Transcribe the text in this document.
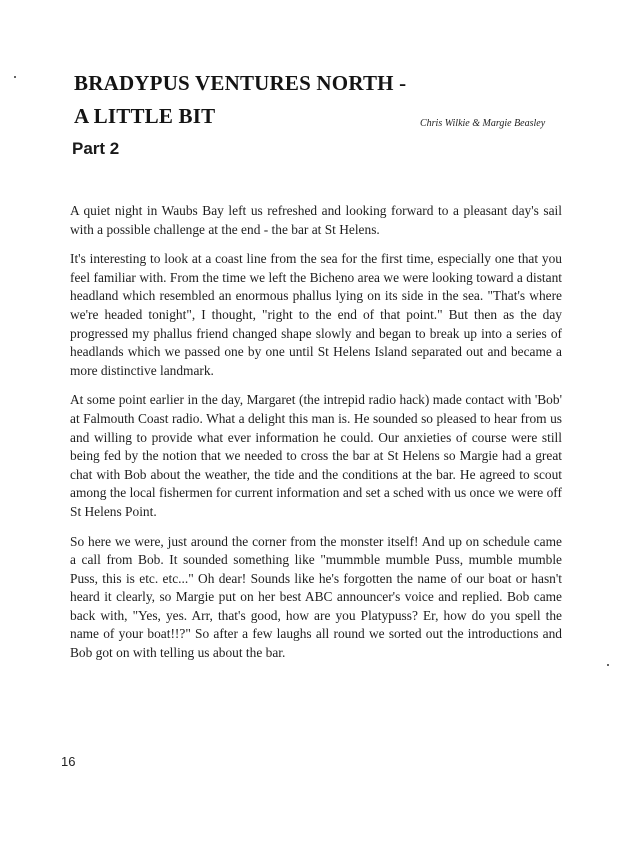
BRADYPUS VENTURES NORTH -
A LITTLE BIT	Chris Wilkie & Margie Beasley
Part 2

A quiet night in Waubs Bay left us refreshed and looking forward to a pleasant day's sail with a possible challenge at the end - the bar at St Helens.

It's interesting to look at a coast line from the sea for the first time, especially one that you feel familiar with. From the time we left the Bicheno area we were looking toward a distant headland which resembled an enormous phallus lying on its side in the sea. "That's where we're headed tonight", I thought, "right to the end of that point." But then as the day progressed my phallus friend changed shape slowly and began to break up into a series of headlands which we passed one by one until St Helens Island separated out and became a more distinctive landmark.

At some point earlier in the day, Margaret (the intrepid radio hack) made contact with 'Bob' at Falmouth Coast radio. What a delight this man is. He sounded so pleased to hear from us and willing to provide what ever information he could. Our anxieties of course were still being fed by the notion that we needed to cross the bar at St Helens so Margie had a great chat with Bob about the weather, the tide and the conditions at the bar. He agreed to scout among the local fishermen for current information and set a sched with us once we were off St Helens Point.

So here we were, just around the corner from the monster itself! And up on schedule came a call from Bob. It sounded something like "mummble mumble Puss, mumble mumble Puss, this is etc. etc..." Oh dear! Sounds like he's forgotten the name of our boat or hasn't heard it clearly, so Margie put on her best ABC announcer's voice and replied. Bob came back with, "Yes, yes. Arr, that's good, how are you Platypuss? Er, how do you spell the name of your boat!!?" So after a few laughs all round we sorted out the introductions and Bob got on with telling us about the bar.

16
